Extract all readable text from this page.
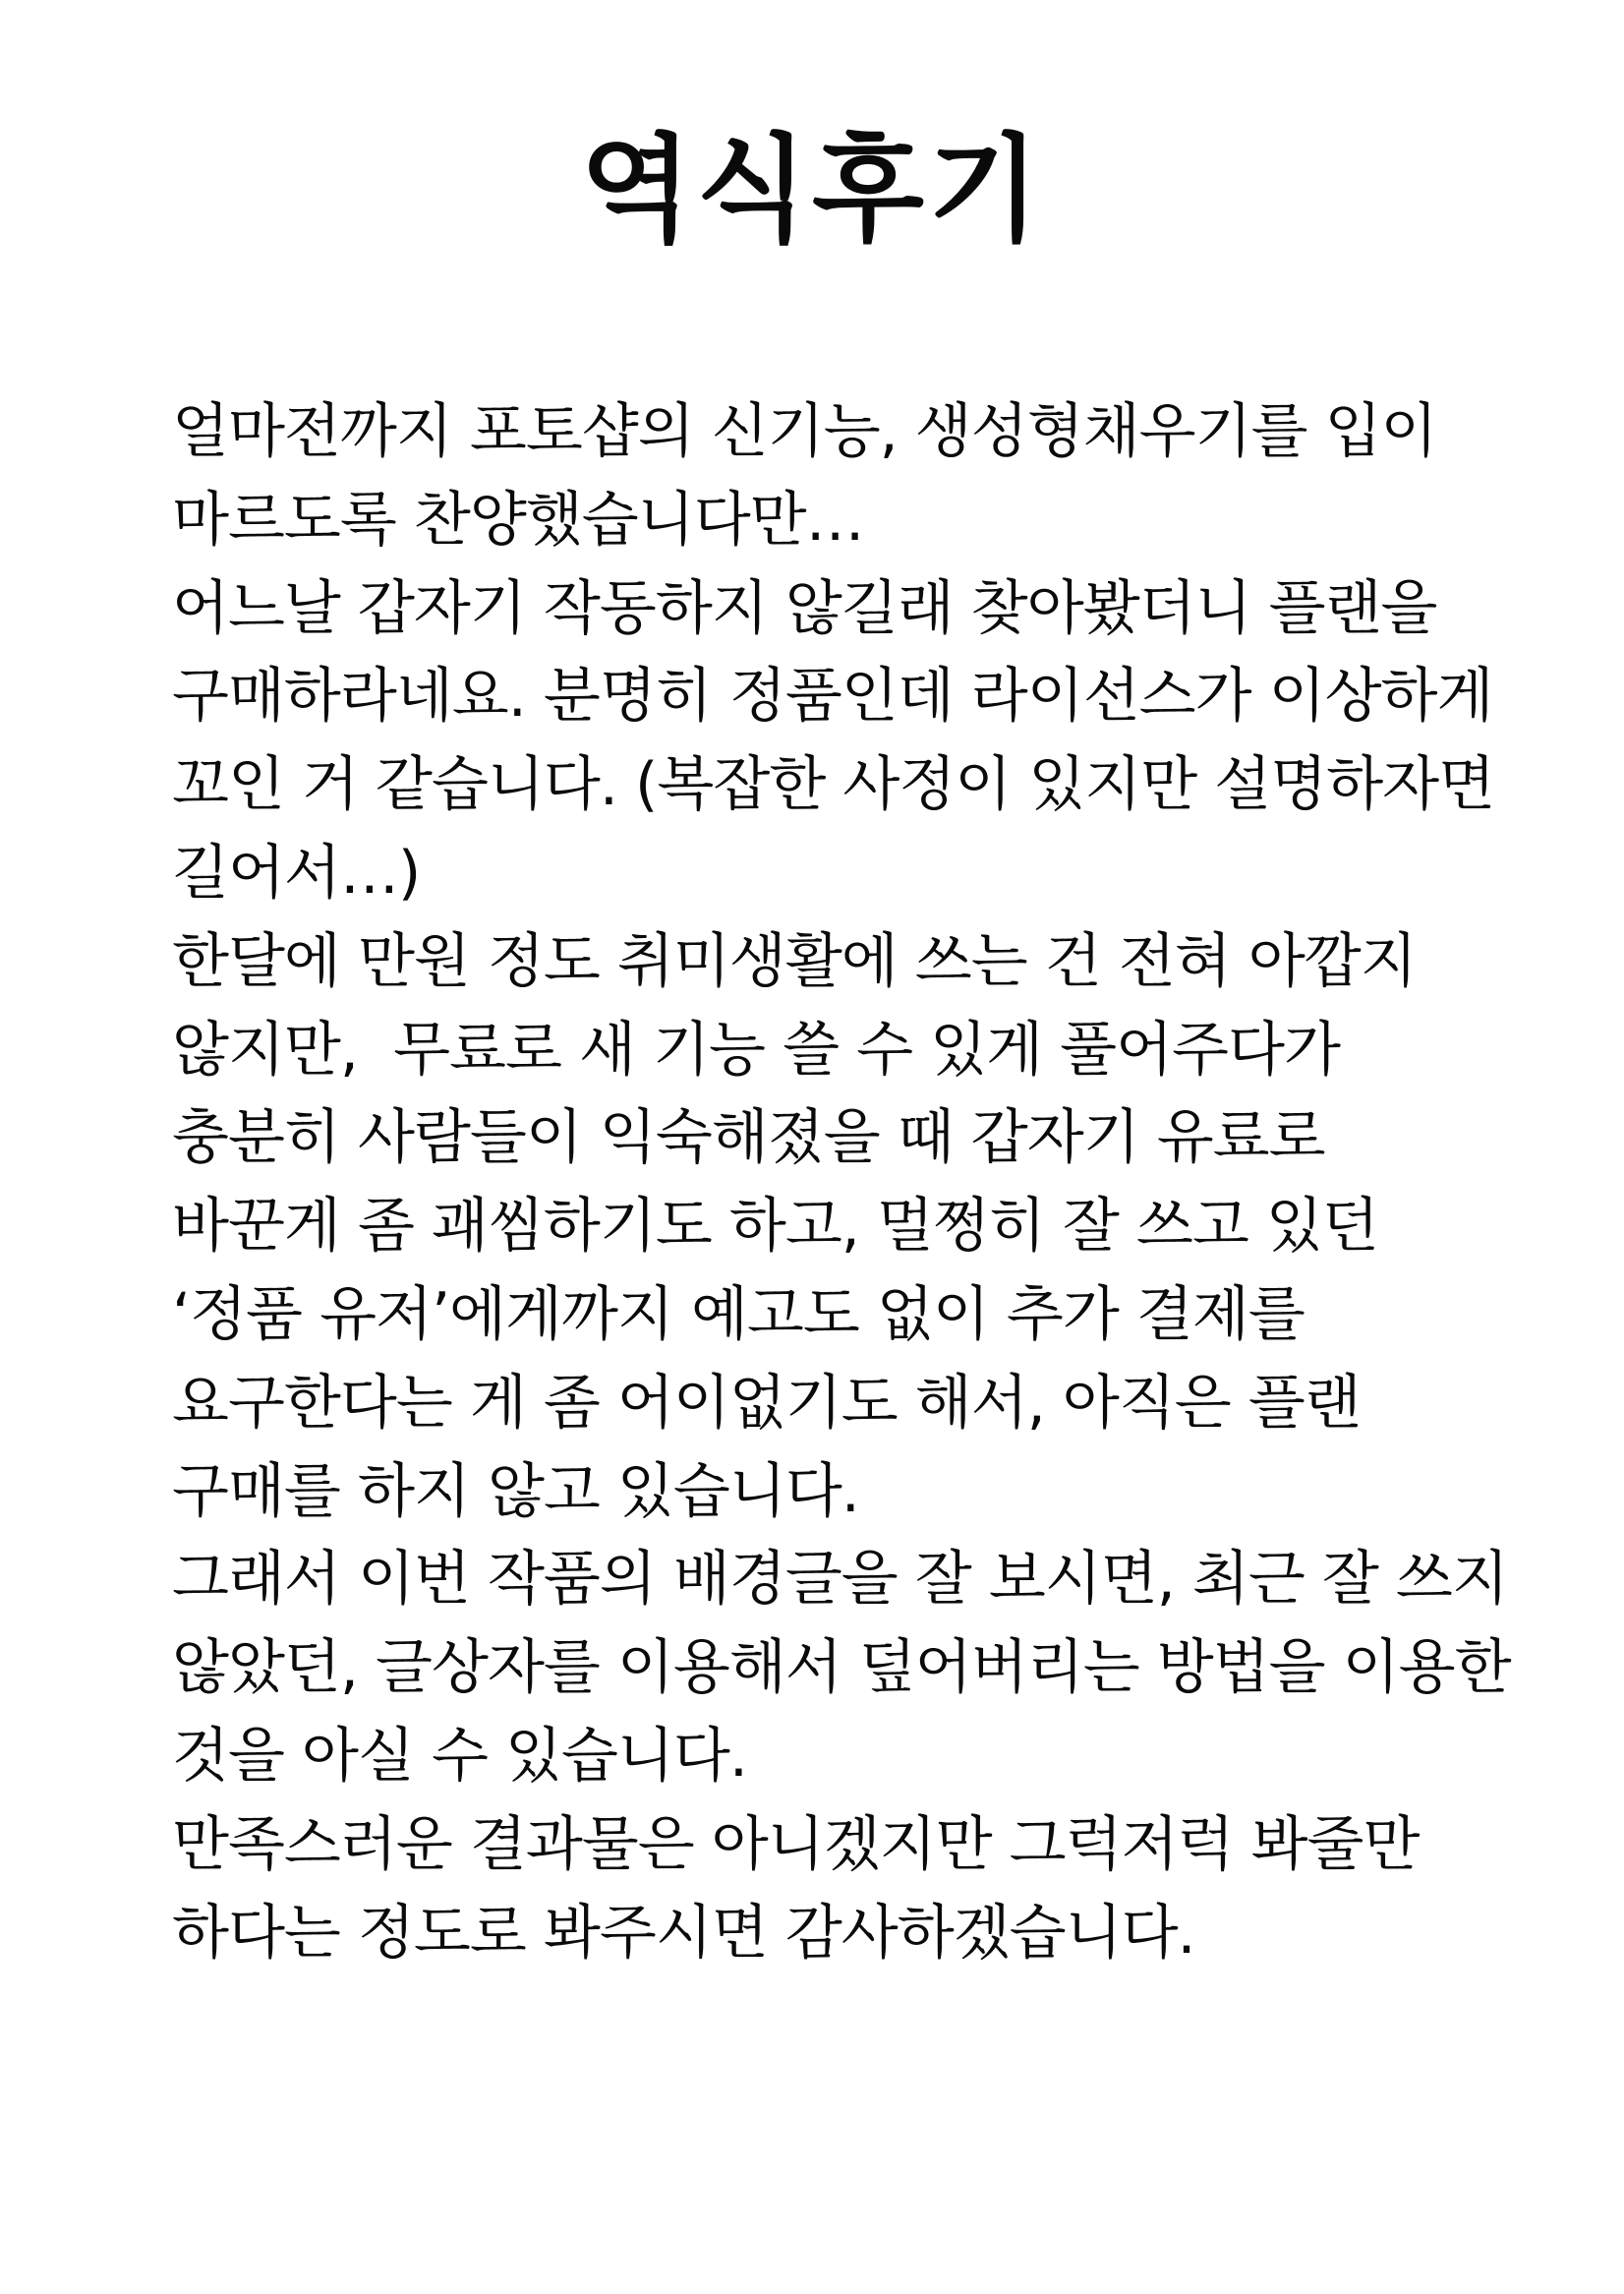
역식후기
얼마전까지 포토샵의 신기능, 생성형채우기를 입이
마르도록 찬양했습니다만…
어느날 갑자기 작동하지 않길래 찾아봤더니 플랜을
구매하라네요. 분명히 정품인데 라이선스가 이상하게
꼬인 거 같습니다. (복잡한 사정이 있지만 설명하자면
길어서…)
한달에 만원 정도 취미생활에 쓰는 건 전혀 아깝지
않지만,  무료로 새 기능 쓸 수 있게 풀어주다가
충분히 사람들이 익숙해졌을 때 갑자기 유료로
바꾼게 좀 괘씸하기도 하고, 멀쩡히 잘 쓰고 있던
‘정품 유저’에게까지 예고도 없이 추가 결제를
요구한다는 게 좀 어이없기도 해서, 아직은 플랜
구매를 하지 않고 있습니다.
그래서 이번 작품의 배경글을 잘 보시면, 최근 잘 쓰지
않았던, 글상자를 이용해서 덮어버리는 방법을 이용한
것을 아실 수 있습니다.
만족스러운 결과물은 아니겠지만 그럭저럭 봐줄만
하다는 정도로 봐주시면 감사하겠습니다.
